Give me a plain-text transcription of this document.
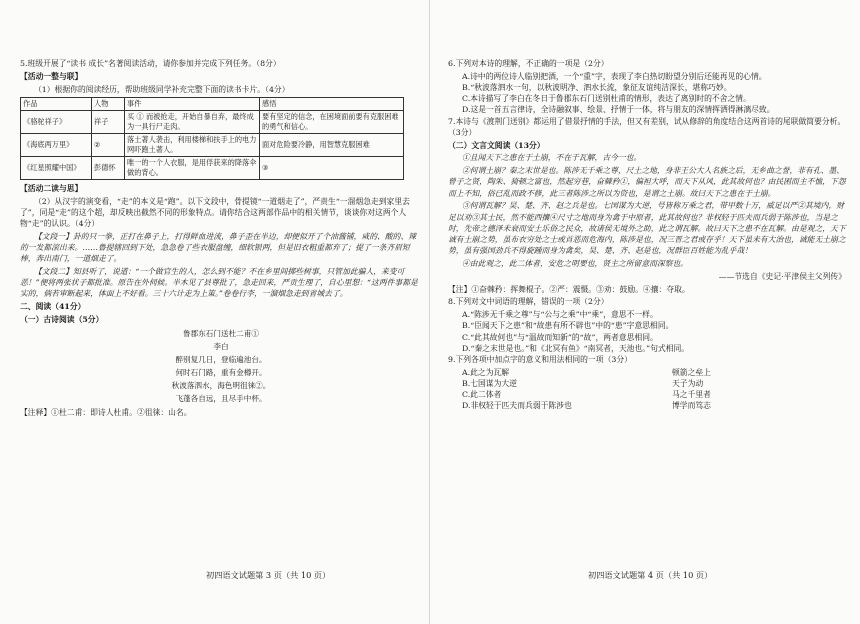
5.班级开展了“读书 成长”名著阅读活动，请你参加并完成下列任务。（8分）

【活动一整与联】

（1）根据你的阅读经历，帮助班级同学补充完整下面的读书卡片。（4分）

作品	人物	事件	感悟
《骆驼祥子》	祥子	买 ① 而被抢走，开始自暴自弃，最终成为一具行尸走肉。	要有坚定的信念，在困境面前要有克服困难的勇气和信心。
《海底两万里》	②	落土著人袭击，利用楼梯和扶手上的电力网吓跑土著人。	面对危险要冷静，用智慧克服困难
《红星照耀中国》	彭德怀	唯一的一个人衣服，是用俘获来的降落伞做的背心。	③

【活动二读与思】

（2）从汉字的演变看，“走”的本义是“跑”。以下文段中，骨提镜“一道烟走了”，严责生“一溜烟急走到家里去了”，同是“走”的这个超，却反映出截然不同的形象特点。请你结合这两部作品中的相关情节，谈谈你对这两个人物“走”的认识。（4分）

【文段一】卦的只一拳，正打在鼻子上，打得鲜血进流，鼻子歪在半边，却便似开了个油酱铺，咸的、酸的、辣的一发都滚出来。……鲁提辖回到下处，急急卷了些衣服盘缠，细软银两，但是旧衣粗重都弃了；提了一条齐眉短棒，奔出南门，一道烟走了。

【文段二】知县听了，说道：“一个做官生的人，怎么到不能？不在乡里间掷些树事，只管加此骗人，来变可恶！”便将两张状子都批准。原告在外伺候。半木见了县尊批了，急走回来，严贡生理了，自心里想：“这两件事都是实的，倘若审断起来，体面上不好看。三十六计走为上策。”卷卷行李，一溜烟急走到省城去了。

二、阅读（41分）

（一）古诗阅读（5分）

鲁郡东石门送杜二甫①
李白
醉别复几日，登临遍池台。
何时石门路，重有金樽开。
秋波落泗水，海色明徂徕②。
飞蓬各自远，且尽手中杯。

【注释】①杜二甫：即诗人杜甫。②徂徕：山名。

初四语文试题第 3 页（共 10 页）

6.下列对本诗的理解，不正确的一项是（2分）

A.诗中的两位诗人临别把酒，一个“重”字，表现了李白热切盼望分别后还能再见的心情。

B.“秋波落泗水一句，以秋波明净、泗水长流，象征友谊纯洁深长，堪称巧妙。

C.本诗描写了李白在冬日于鲁郡东石门送别杜甫的情形，表达了离别时的不舍之情。

D.这是一首五言律诗，全诗融叙事、绘景、抒情于一体，将与朋友的深情挥洒得淋漓尽致。

7.本诗与《渡荆门送别》都运用了借景抒情的手法，但又有差别，试从修辞的角度结合这两首诗的尾联做简要分析。（3分）

（二）文言文阅读（13分）

①且闻天下之患在于土崩，不在于瓦解，古今一也。

②何谓土崩？秦之末世是也。陈涉无千乘之尊，尺土之地，身非王公大人名族之后，无乡曲之誉，非有孔、墨、曾子之贤，陶朱、猗顿之富也，然起穷巷，奋棘矜①，偏袒大呼，而天下从风，此其故何也？由民困而主不恤，下怨而上不知，俗已乱而政不修，此三者陈涉之所以为资也，是谓之土崩。故曰天下之患在于土崩。

③何谓瓦解？吴、楚、齐、赵之兵是也。七国谋为大逆，号皆称万乘之君，带甲数十万，威足以严②其境内，财足以劝③其士民，然不能西攘④尺寸之地而身为禽于中原者，此其故何也？非权轻于匹夫而兵弱于陈涉也，当是之时，先帝之德泽未衰而安土乐俗之民众，故诸侯无境外之助，此之谓瓦解。故曰天下之患不在瓦解。由是观之，天下诚有土崩之势，虽布衣穷处之士或首恶而危海内，陈涉是也，况三晋之君或存乎！天下虽未有大治也，诚能无土崩之势，虽有强国劲兵不得旋踵而身为禽矣，吴、楚、齐、赵是也，况群臣百姓能为乱乎哉！

④由此观之，此二体者，安危之明要也，贤主之所留意而深察也。

——节选自《史记·平津侯主父列传》

【注】①奋棘矜：挥舞棍子。②严：震慑。③劝：鼓励。④攘：夺取。

8.下列对文中词语的理解，错误的一项（2分）

A.“陈涉无千乘之尊”与“公与之乘”中“乘”，意思不一样。

B.“臣闻天下之患”和“故患有所不辟也”中的“患”字意思相同。

C.“此其故何也”与“温故而知新”的“故”，两者意思相同。

D.“秦之末世是也。”和《北冥有鱼》“南冥者，天池也。”句式相同。

9.下列各项中加点字的意义和用法相同的一项（3分）

A.此之为瓦解	顿箭之垒上
B.七国谋为大逆	天子为动
C.此二体者	马之千里者
D.非权轻于匹夫而兵弱于陈涉也	博学而笃志
初四语文试题第 4 页（共 10 页）
